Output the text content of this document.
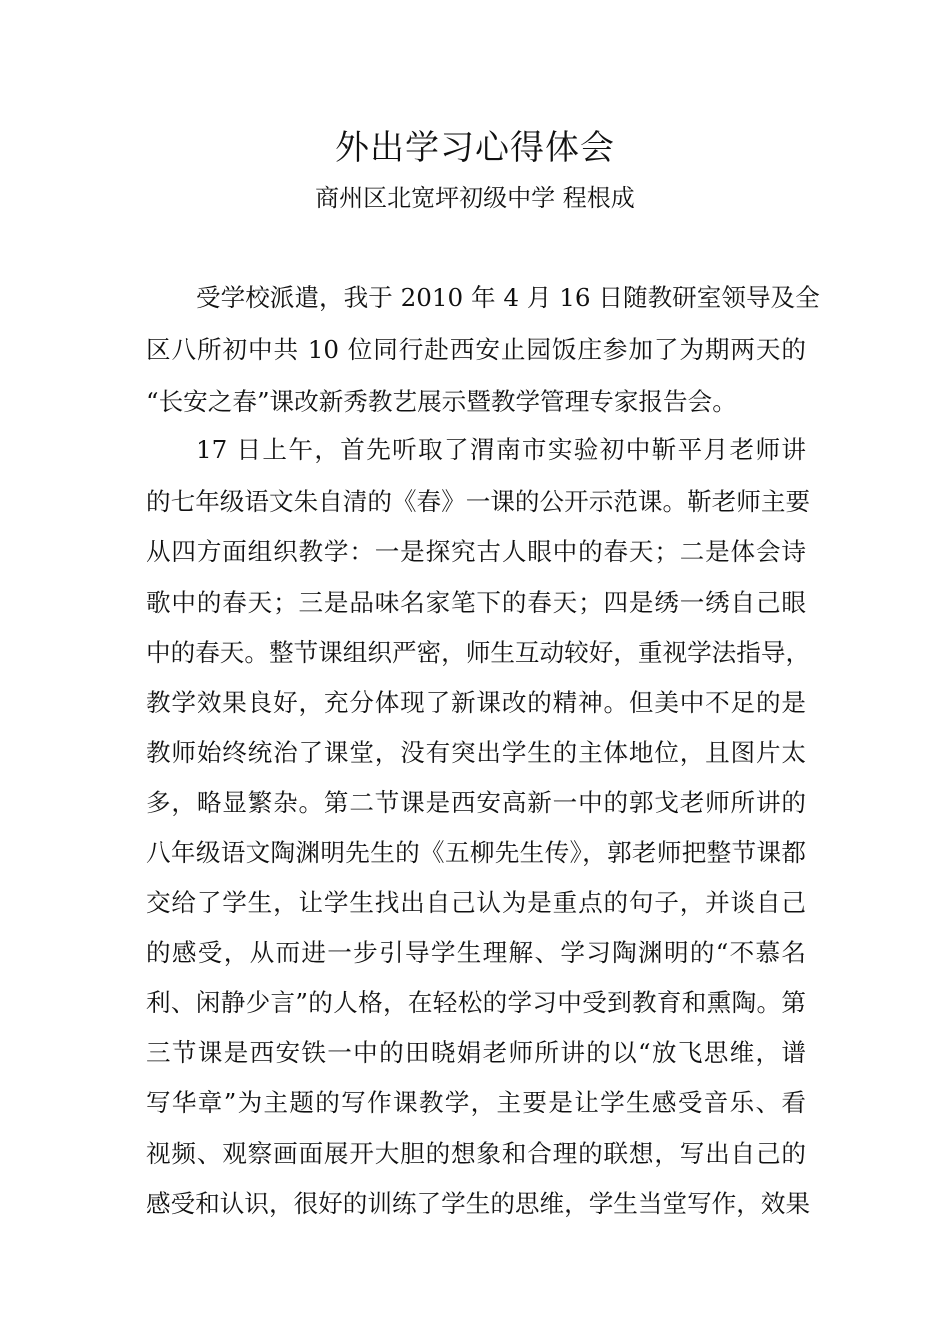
外出学习心得体会
商州区北宽坪初级中学 程根成
受学校派遣，我于 2010 年 4 月 16 日随教研室领导及全
区八所初中共 10 位同行赴西安止园饭庄参加了为期两天的
“长安之春”课改新秀教艺展示暨教学管理专家报告会。
17 日上午，首先听取了渭南市实验初中靳平月老师讲
的七年级语文朱自清的《春》一课的公开示范课。靳老师主要
从四方面组织教学：一是探究古人眼中的春天；二是体会诗
歌中的春天；三是品味名家笔下的春天；四是绣一绣自己眼
中的春天。整节课组织严密，师生互动较好，重视学法指导，
教学效果良好，充分体现了新课改的精神。但美中不足的是
教师始终统治了课堂，没有突出学生的主体地位，且图片太
多，略显繁杂。第二节课是西安高新一中的郭戈老师所讲的
八年级语文陶渊明先生的《五柳先生传》，郭老师把整节课都
交给了学生，让学生找出自己认为是重点的句子，并谈自己
的感受，从而进一步引导学生理解、学习陶渊明的“不慕名
利、闲静少言”的人格，在轻松的学习中受到教育和熏陶。第
三节课是西安铁一中的田晓娟老师所讲的以“放飞思维，谱
写华章”为主题的写作课教学，主要是让学生感受音乐、看
视频、观察画面展开大胆的想象和合理的联想，写出自己的
感受和认识，很好的训练了学生的思维，学生当堂写作，效果
